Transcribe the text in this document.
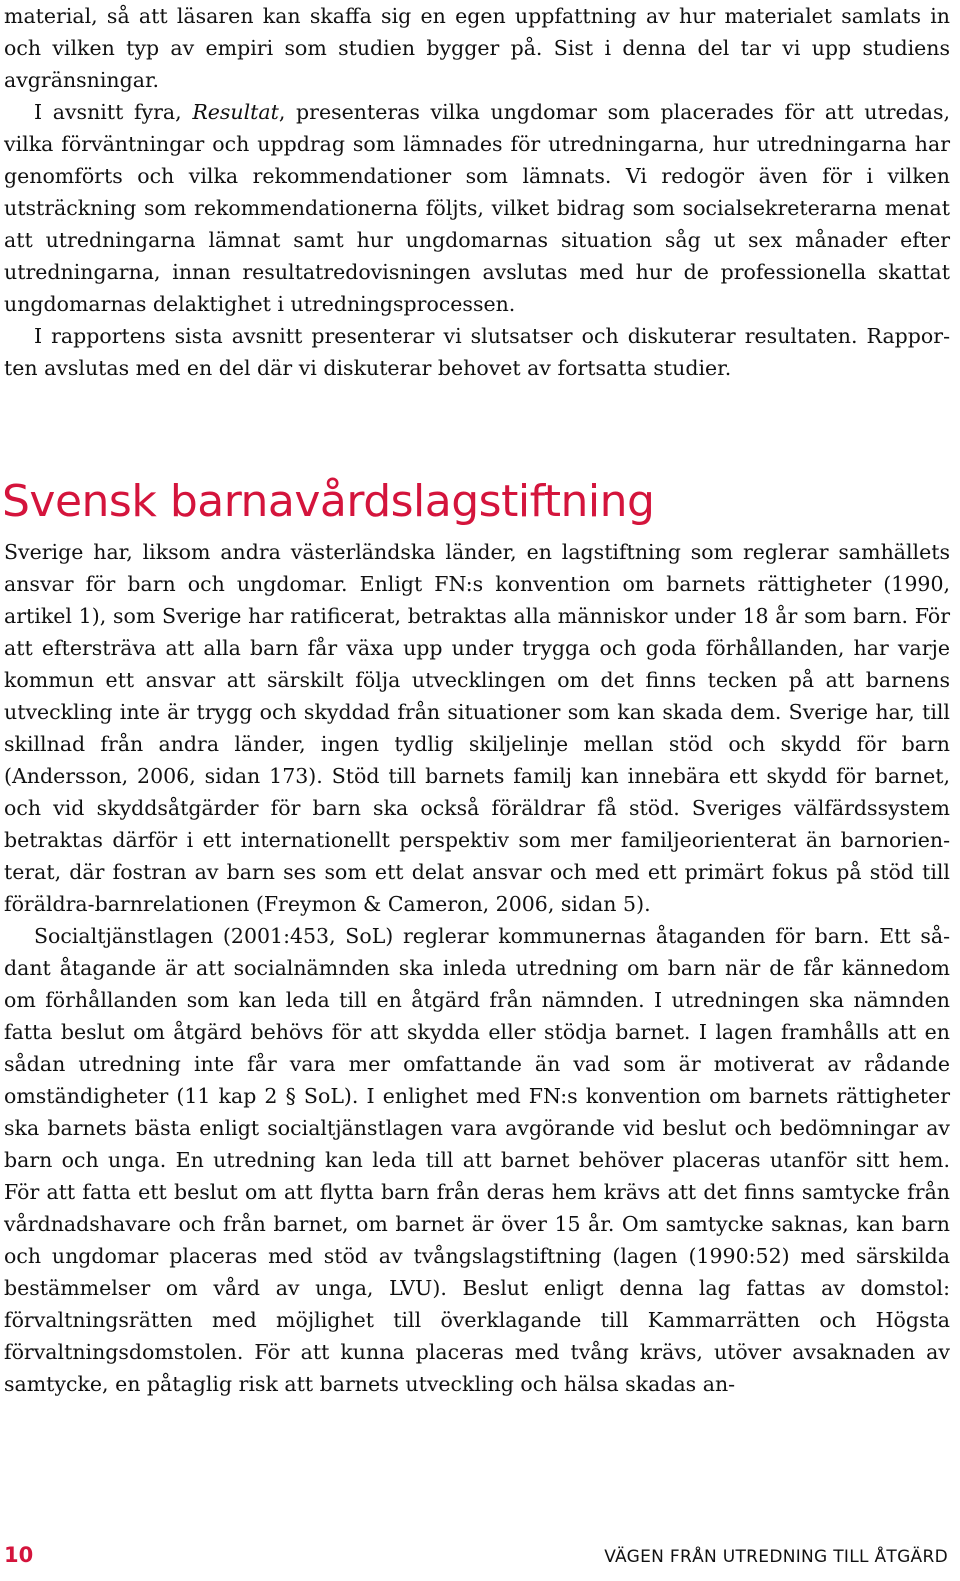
material, så att läsaren kan skaffa sig en egen uppfattning av hur materialet samlats in och vilken typ av empiri som studien bygger på. Sist i denna del tar vi upp studiens avgränsningar.

I avsnitt fyra, Resultat, presenteras vilka ungdomar som placerades för att utredas, vilka förväntningar och uppdrag som lämnades för utredningarna, hur utredningarna har genomförts och vilka rekommendationer som lämnats. Vi redogör även för i vilken utsträckning som rekommendationerna följts, vilket bidrag som socialsekreterarna menat att utredningarna lämnat samt hur ungdomarnas situation såg ut sex månader efter utredningarna, innan resultatredovisningen avslutas med hur de professionella skattat ungdomarnas delaktighet i utredningsprocessen.

I rapportens sista avsnitt presenterar vi slutsatser och diskuterar resultaten. Rapporten avslutas med en del där vi diskuterar behovet av fortsatta studier.

Svensk barnavårdslagstiftning

Sverige har, liksom andra västerländska länder, en lagstiftning som reglerar samhällets ansvar för barn och ungdomar. Enligt FN:s konvention om barnets rättigheter (1990, artikel 1), som Sverige har ratificerat, betraktas alla människor under 18 år som barn. För att eftersträva att alla barn får växa upp under trygga och goda förhållanden, har varje kommun ett ansvar att särskilt följa utvecklingen om det finns tecken på att barnens utveckling inte är trygg och skyddad från situationer som kan skada dem. Sverige har, till skillnad från andra länder, ingen tydlig skiljelinje mellan stöd och skydd för barn (Andersson, 2006, sidan 173). Stöd till barnets familj kan innebära ett skydd för barnet, och vid skyddsåtgärder för barn ska också föräldrar få stöd. Sveriges välfärdssystem betraktas därför i ett internationellt perspektiv som mer familjeorienterat än barnorienterat, där fostran av barn ses som ett delat ansvar och med ett primärt fokus på stöd till föräldra-barnrelationen (Freymon & Cameron, 2006, sidan 5).

Socialtjänstlagen (2001:453, SoL) reglerar kommunernas åtaganden för barn. Ett sådant åtagande är att socialnämnden ska inleda utredning om barn när de får kännedom om förhållanden som kan leda till en åtgärd från nämnden. I utredningen ska nämnden fatta beslut om åtgärd behövs för att skydda eller stödja barnet. I lagen framhålls att en sådan utredning inte får vara mer omfattande än vad som är motiverat av rådande omständigheter (11 kap 2 § SoL). I enlighet med FN:s konvention om barnets rättigheter ska barnets bästa enligt socialtjänstlagen vara avgörande vid beslut och bedömningar av barn och unga. En utredning kan leda till att barnet behöver placeras utanför sitt hem. För att fatta ett beslut om att flytta barn från deras hem krävs att det finns samtycke från vårdnadshavare och från barnet, om barnet är över 15 år. Om samtycke saknas, kan barn och ungdomar placeras med stöd av tvångslagstiftning (lagen (1990:52) med särskilda bestämmelser om vård av unga, LVU). Beslut enligt denna lag fattas av domstol: förvaltningsrätten med möjlighet till överklagande till Kammarrätten och Högsta förvaltningsdomstolen. För att kunna placeras med tvång krävs, utöver avsaknaden av samtycke, en påtaglig risk att barnets utveckling och hälsa skadas an-

10	VÄGEN FRÅN UTREDNING TILL ÅTGÄRD
